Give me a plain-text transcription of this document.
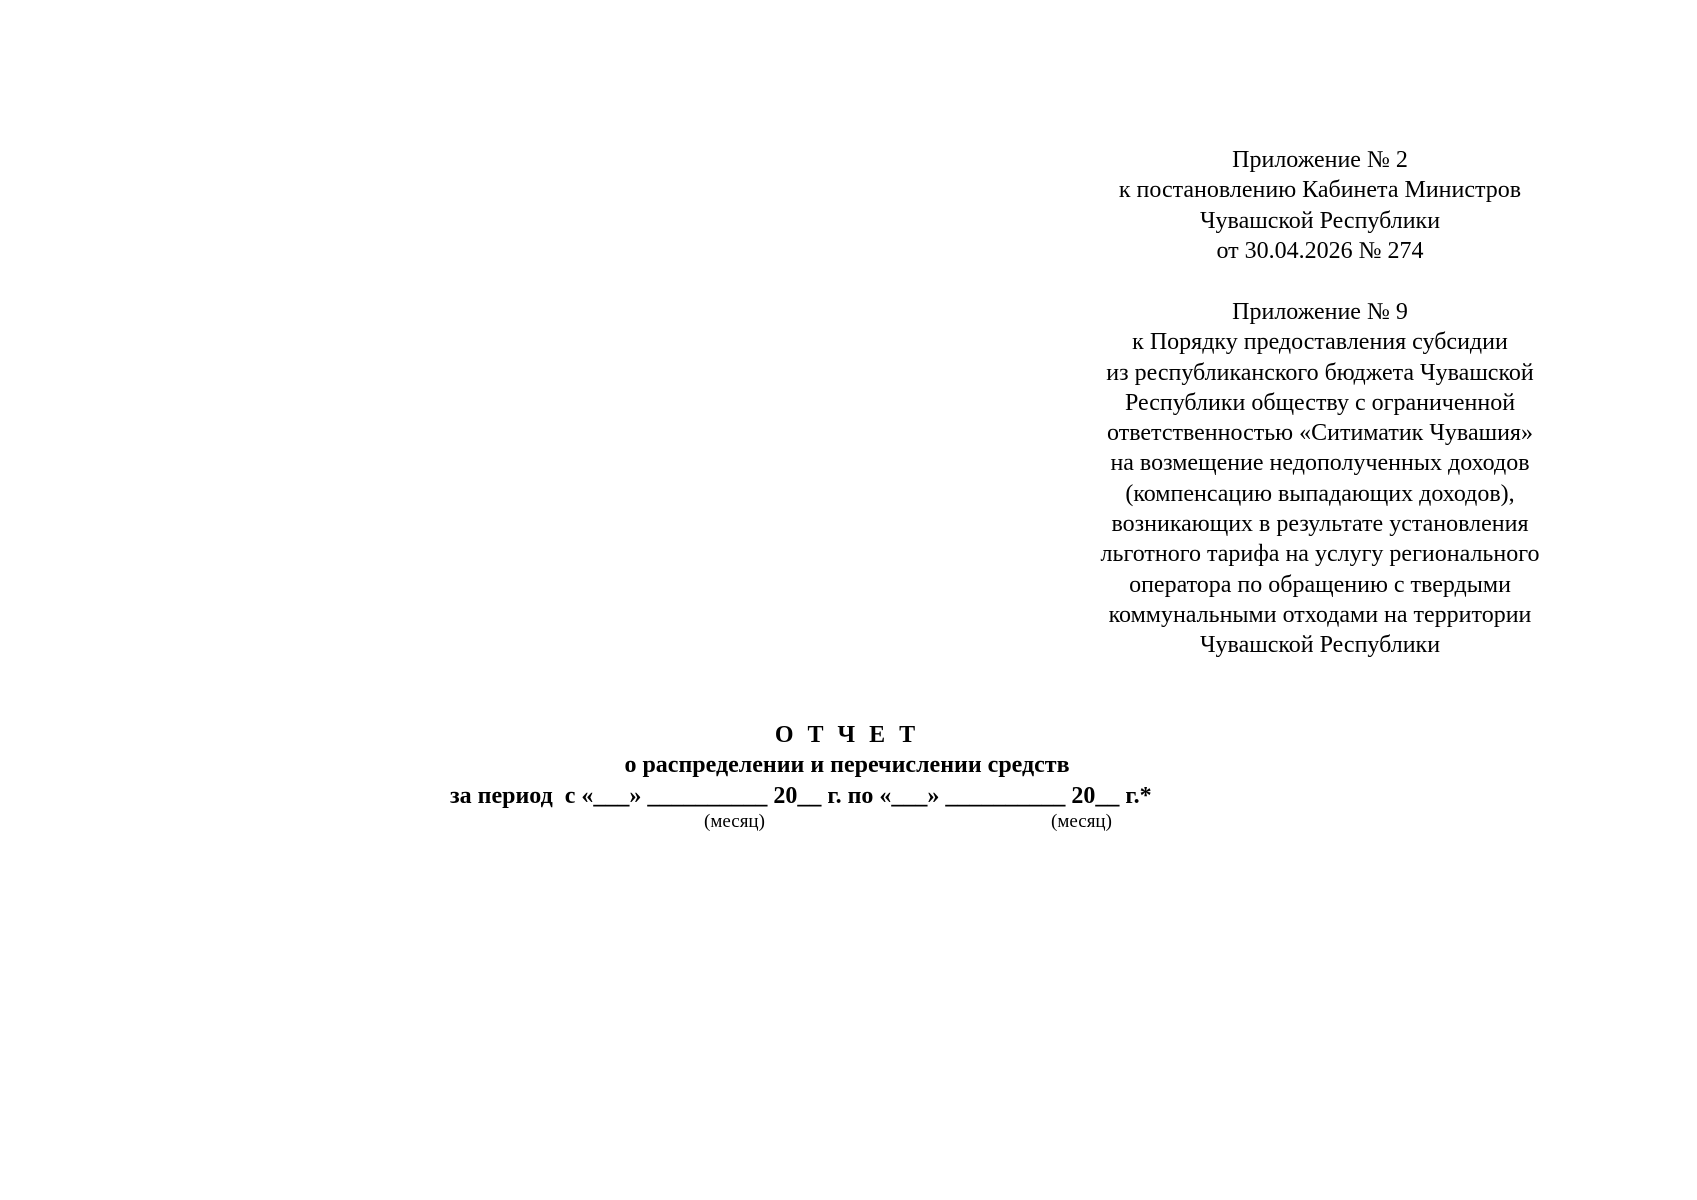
Приложение № 2
к постановлению Кабинета Министров
Чувашской Республики
от 30.04.2026 № 274
Приложение № 9
к Порядку предоставления субсидии
из республиканского бюджета Чувашской
Республики обществу с ограниченной
ответственностью «Ситиматик Чувашия»
на возмещение недополученных доходов
(компенсацию выпадающих доходов),
возникающих в результате установления
льготного тарифа на услугу регионального
оператора по обращению с твердыми
коммунальными отходами на территории
Чувашской Республики
О Т Ч Е Т
о распределении и перечислении средств
за период  с «___» __________ 20__ г. по «___» __________ 20__ г.*
(месяц)	(месяц)
